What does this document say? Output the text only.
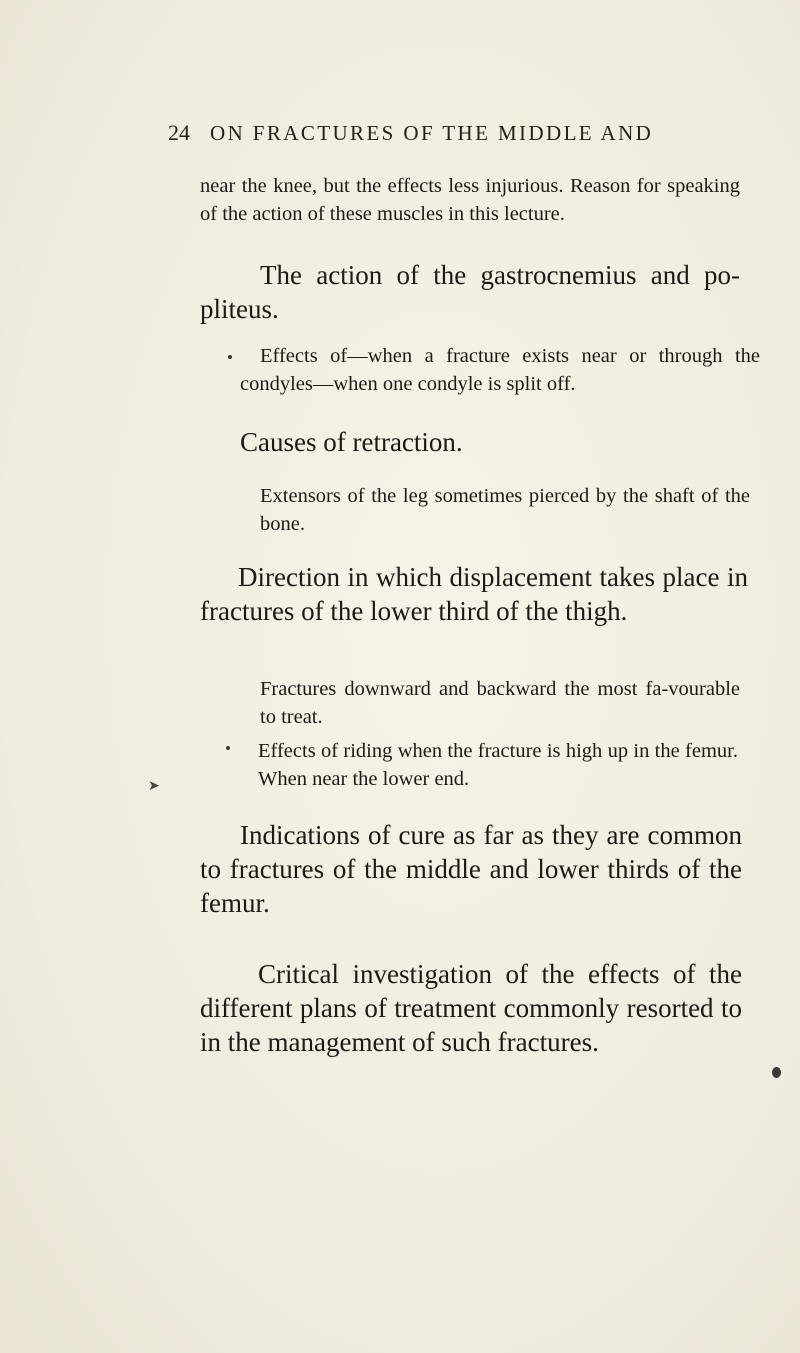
24 ON FRACTURES OF THE MIDDLE AND
near the knee, but the effects less injurious. Reason for speaking of the action of these muscles in this lecture.
The action of the gastrocnemius and po-pliteus.
Effects of—when a fracture exists near or through the condyles—when one condyle is split off.
Causes of retraction.
Extensors of the leg sometimes pierced by the shaft of the bone.
Direction in which displacement takes place in fractures of the lower third of the thigh.
Fractures downward and backward the most fa-vourable to treat.
Effects of riding when the fracture is high up in the femur. When near the lower end.
Indications of cure as far as they are common to fractures of the middle and lower thirds of the femur.
Critical investigation of the effects of the different plans of treatment commonly resorted to in the management of such fractures.
➤
